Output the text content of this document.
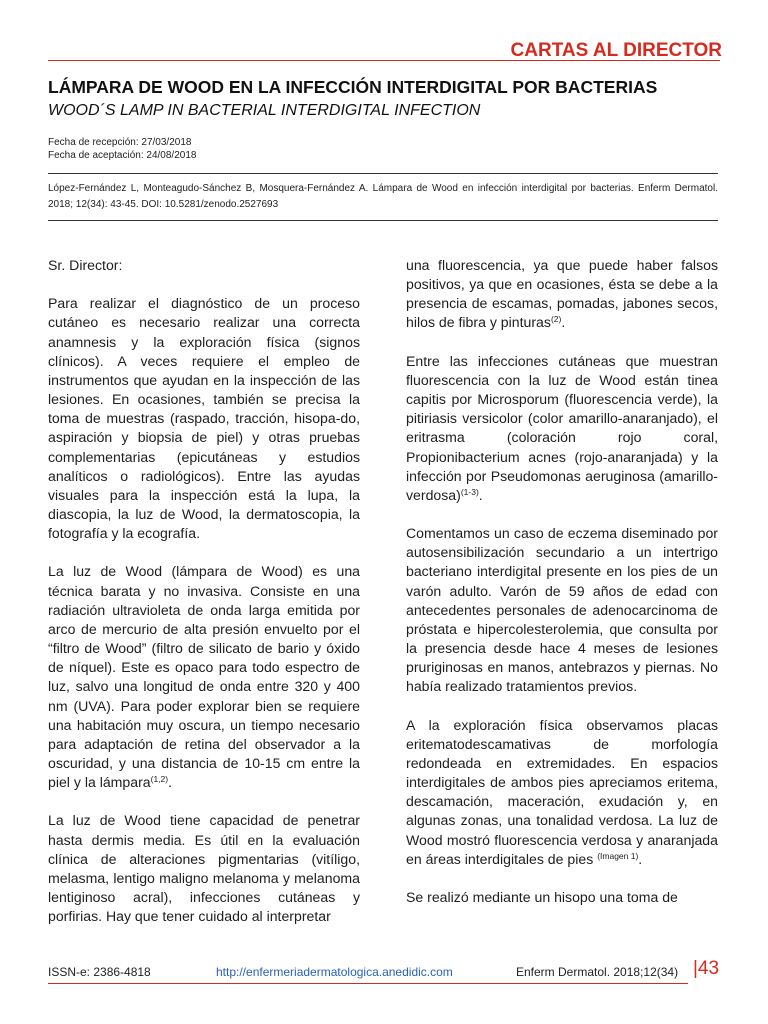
CARTAS AL DIRECTOR
LÁMPARA DE WOOD EN LA INFECCIÓN INTERDIGITAL POR BACTERIAS
WOOD´S LAMP IN BACTERIAL INTERDIGITAL INFECTION
Fecha de recepción: 27/03/2018
Fecha de aceptación: 24/08/2018
López-Fernández L, Monteagudo-Sánchez B, Mosquera-Fernández A. Lámpara de Wood en infección interdigital por bacterias. Enferm Dermatol. 2018; 12(34): 43-45. DOI: 10.5281/zenodo.2527693

Sr. Director:

Para realizar el diagnóstico de un proceso cutáneo es necesario realizar una correcta anamnesis y la exploración física (signos clínicos). A veces requiere el empleo de instrumentos que ayudan en la inspección de las lesiones. En ocasiones, también se precisa la toma de muestras (raspado, tracción, hisopa-do, aspiración y biopsia de piel) y otras pruebas complementarias (epicutáneas y estudios analíticos o radiológicos). Entre las ayudas visuales para la inspección está la lupa, la diascopia, la luz de Wood, la dermatoscopia, la fotografía y la ecografía.

La luz de Wood (lámpara de Wood) es una técnica barata y no invasiva. Consiste en una radiación ultravioleta de onda larga emitida por arco de mercurio de alta presión envuelto por el “filtro de Wood” (filtro de silicato de bario y óxido de níquel). Este es opaco para todo espectro de luz, salvo una longitud de onda entre 320 y 400 nm (UVA). Para poder explorar bien se requiere una habitación muy oscura, un tiempo necesario para adaptación de retina del observador a la oscuridad, y una distancia de 10-15 cm entre la piel y la lámpara$^{(1,2)}$.

La luz de Wood tiene capacidad de penetrar hasta dermis media. Es útil en la evaluación clínica de alteraciones pigmentarias (vitíligo, melasma, lentigo maligno melanoma y melanoma lentiginoso acral), infecciones cutáneas y porfirias. Hay que tener cuidado al interpretar

una fluorescencia, ya que puede haber falsos positivos, ya que en ocasiones, ésta se debe a la presencia de escamas, pomadas, jabones secos, hilos de fibra y pinturas$^{(2)}$.

Entre las infecciones cutáneas que muestran fluorescencia con la luz de Wood están tinea capitis por Microsporum (fluorescencia verde), la pitiriasis versicolor (color amarillo-anaranjado), el eritrasma (coloración rojo coral, Propionibacterium acnes (rojo-anaranjada) y la infección por Pseudomonas aeruginosa (amarillo-verdosa)$^{(1-3)}$.

Comentamos un caso de eczema diseminado por autosensibilización secundario a un intertrigo bacteriano interdigital presente en los pies de un varón adulto. Varón de 59 años de edad con antecedentes personales de adenocarcinoma de próstata e hipercolesterolemia, que consulta por la presencia desde hace 4 meses de lesiones pruriginosas en manos, antebrazos y piernas. No había realizado tratamientos previos.

A la exploración física observamos placas eritematodescamativas de morfología redondeada en extremidades. En espacios interdigitales de ambos pies apreciamos eritema, descamación, maceración, exudación y, en algunas zonas, una tonalidad verdosa. La luz de Wood mostró fluorescencia verdosa y anaranjada en áreas interdigitales de pies $^{(Imagen 1)}$.

Se realizó mediante un hisopo una toma de

ISSN-e: 2386-4818	http://enfermeriadermatologica.anedidic.com	Enferm Dermatol. 2018;12(34) |43
